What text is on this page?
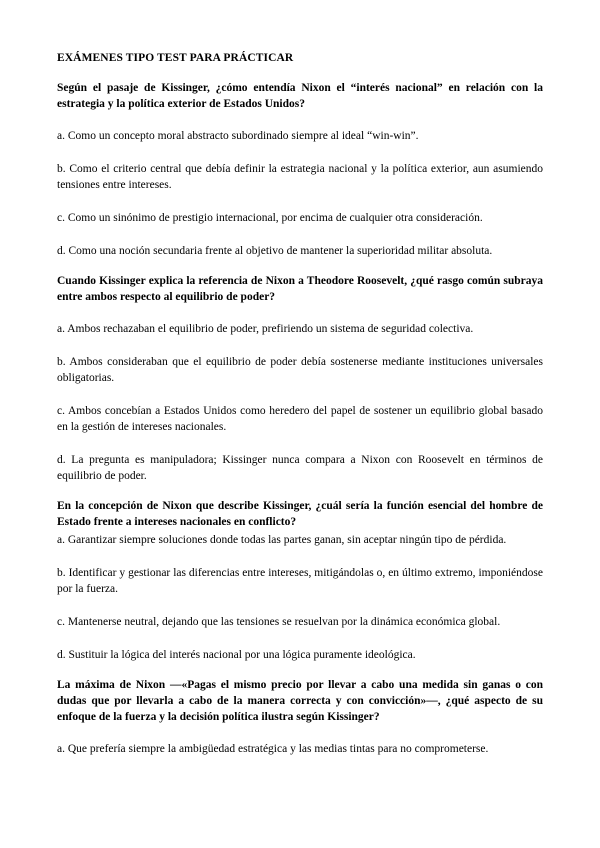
EXÁMENES TIPO TEST PARA PRÁCTICAR
Según el pasaje de Kissinger, ¿cómo entendía Nixon el “interés nacional” en relación con la estrategia y la política exterior de Estados Unidos?
a. Como un concepto moral abstracto subordinado siempre al ideal “win-win”.
b. Como el criterio central que debía definir la estrategia nacional y la política exterior, aun asumiendo tensiones entre intereses.
c. Como un sinónimo de prestigio internacional, por encima de cualquier otra consideración.
d. Como una noción secundaria frente al objetivo de mantener la superioridad militar absoluta.
Cuando Kissinger explica la referencia de Nixon a Theodore Roosevelt, ¿qué rasgo común subraya entre ambos respecto al equilibrio de poder?
a. Ambos rechazaban el equilibrio de poder, prefiriendo un sistema de seguridad colectiva.
b. Ambos consideraban que el equilibrio de poder debía sostenerse mediante instituciones universales obligatorias.
c. Ambos concebían a Estados Unidos como heredero del papel de sostener un equilibrio global basado en la gestión de intereses nacionales.
d. La pregunta es manipuladora; Kissinger nunca compara a Nixon con Roosevelt en términos de equilibrio de poder.
En la concepción de Nixon que describe Kissinger, ¿cuál sería la función esencial del hombre de Estado frente a intereses nacionales en conflicto?
a. Garantizar siempre soluciones donde todas las partes ganan, sin aceptar ningún tipo de pérdida.
b. Identificar y gestionar las diferencias entre intereses, mitigándolas o, en último extremo, imponiéndose por la fuerza.
c. Mantenerse neutral, dejando que las tensiones se resuelvan por la dinámica económica global.
d. Sustituir la lógica del interés nacional por una lógica puramente ideológica.
La máxima de Nixon —«Pagas el mismo precio por llevar a cabo una medida sin ganas o con dudas que por llevarla a cabo de la manera correcta y con convicción»—, ¿qué aspecto de su enfoque de la fuerza y la decisión política ilustra según Kissinger?
a. Que prefería siempre la ambigüedad estratégica y las medias tintas para no comprometerse.
